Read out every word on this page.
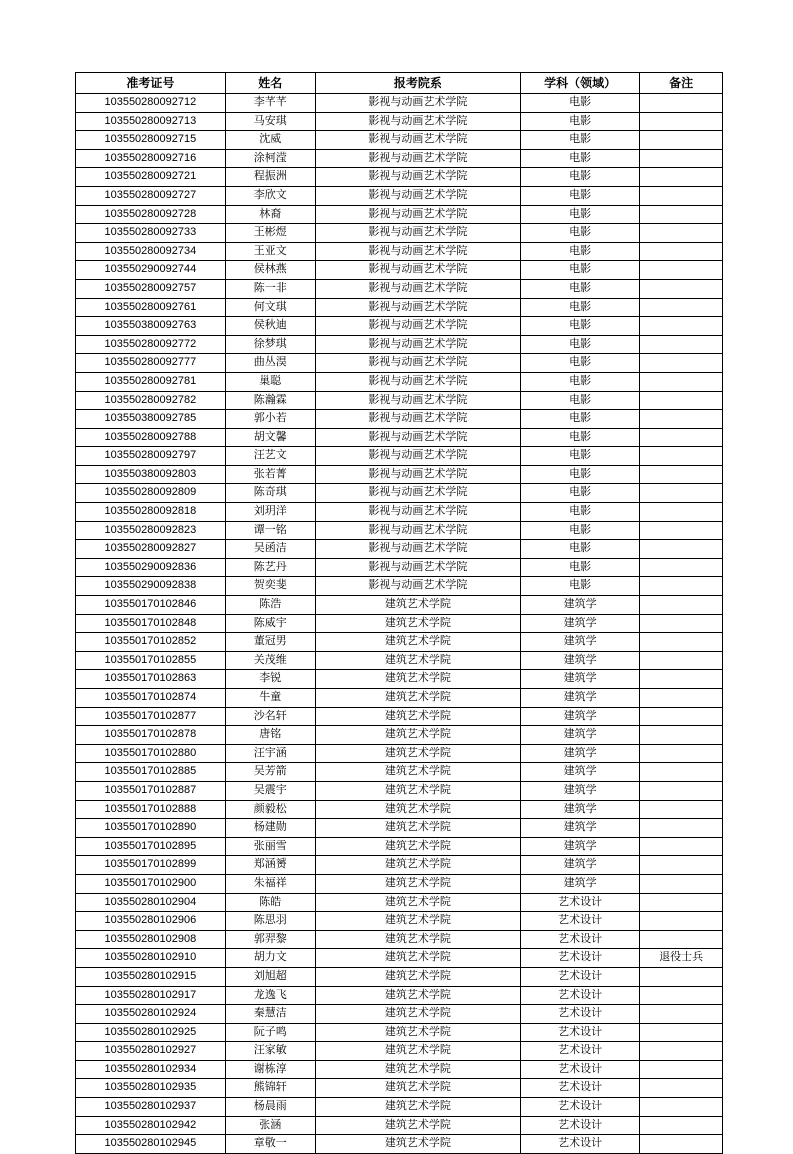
准考证号	姓名	报考院系	学科（领域）	备注
103550280092712	李芊芊	影视与动画艺术学院	电影	
103550280092713	马安琪	影视与动画艺术学院	电影	
103550280092715	沈威	影视与动画艺术学院	电影	
103550280092716	涂柯滢	影视与动画艺术学院	电影	
103550280092721	程振洲	影视与动画艺术学院	电影	
103550280092727	李欣文	影视与动画艺术学院	电影	
103550280092728	林裔	影视与动画艺术学院	电影	
103550280092733	王彬煜	影视与动画艺术学院	电影	
103550280092734	王亚文	影视与动画艺术学院	电影	
103550290092744	侯林燕	影视与动画艺术学院	电影	
103550280092757	陈一非	影视与动画艺术学院	电影	
103550280092761	何文琪	影视与动画艺术学院	电影	
103550380092763	侯秋迪	影视与动画艺术学院	电影	
103550280092772	徐梦琪	影视与动画艺术学院	电影	
103550280092777	曲丛淏	影视与动画艺术学院	电影	
103550280092781	巢聪	影视与动画艺术学院	电影	
103550280092782	陈瀚霖	影视与动画艺术学院	电影	
103550380092785	郭小若	影视与动画艺术学院	电影	
103550280092788	胡文馨	影视与动画艺术学院	电影	
103550280092797	汪艺文	影视与动画艺术学院	电影	
103550380092803	张若菁	影视与动画艺术学院	电影	
103550280092809	陈奇琪	影视与动画艺术学院	电影	
103550280092818	刘玥洋	影视与动画艺术学院	电影	
103550280092823	谭一铭	影视与动画艺术学院	电影	
103550280092827	吴函洁	影视与动画艺术学院	电影	
103550290092836	陈艺丹	影视与动画艺术学院	电影	
103550290092838	贺奕斐	影视与动画艺术学院	电影	
103550170102846	陈浩	建筑艺术学院	建筑学	
103550170102848	陈威宇	建筑艺术学院	建筑学	
103550170102852	董冠男	建筑艺术学院	建筑学	
103550170102855	关茂维	建筑艺术学院	建筑学	
103550170102863	李锐	建筑艺术学院	建筑学	
103550170102874	牛童	建筑艺术学院	建筑学	
103550170102877	沙名轩	建筑艺术学院	建筑学	
103550170102878	唐铭	建筑艺术学院	建筑学	
103550170102880	汪宇涵	建筑艺术学院	建筑学	
103550170102885	吴芳箭	建筑艺术学院	建筑学	
103550170102887	吴震宇	建筑艺术学院	建筑学	
103550170102888	颜毅松	建筑艺术学院	建筑学	
103550170102890	杨建勋	建筑艺术学院	建筑学	
103550170102895	张丽雪	建筑艺术学院	建筑学	
103550170102899	郑涵赟	建筑艺术学院	建筑学	
103550170102900	朱福祥	建筑艺术学院	建筑学	
103550280102904	陈皓	建筑艺术学院	艺术设计	
103550280102906	陈思羽	建筑艺术学院	艺术设计	
103550280102908	郭羿黎	建筑艺术学院	艺术设计	
103550280102910	胡力文	建筑艺术学院	艺术设计	退役士兵
103550280102915	刘旭超	建筑艺术学院	艺术设计	
103550280102917	龙逸飞	建筑艺术学院	艺术设计	
103550280102924	秦慧洁	建筑艺术学院	艺术设计	
103550280102925	阮子鸣	建筑艺术学院	艺术设计	
103550280102927	汪家敏	建筑艺术学院	艺术设计	
103550280102934	谢栋淳	建筑艺术学院	艺术设计	
103550280102935	熊锦轩	建筑艺术学院	艺术设计	
103550280102937	杨晨雨	建筑艺术学院	艺术设计	
103550280102942	张涵	建筑艺术学院	艺术设计	
103550280102945	章敬一	建筑艺术学院	艺术设计	
